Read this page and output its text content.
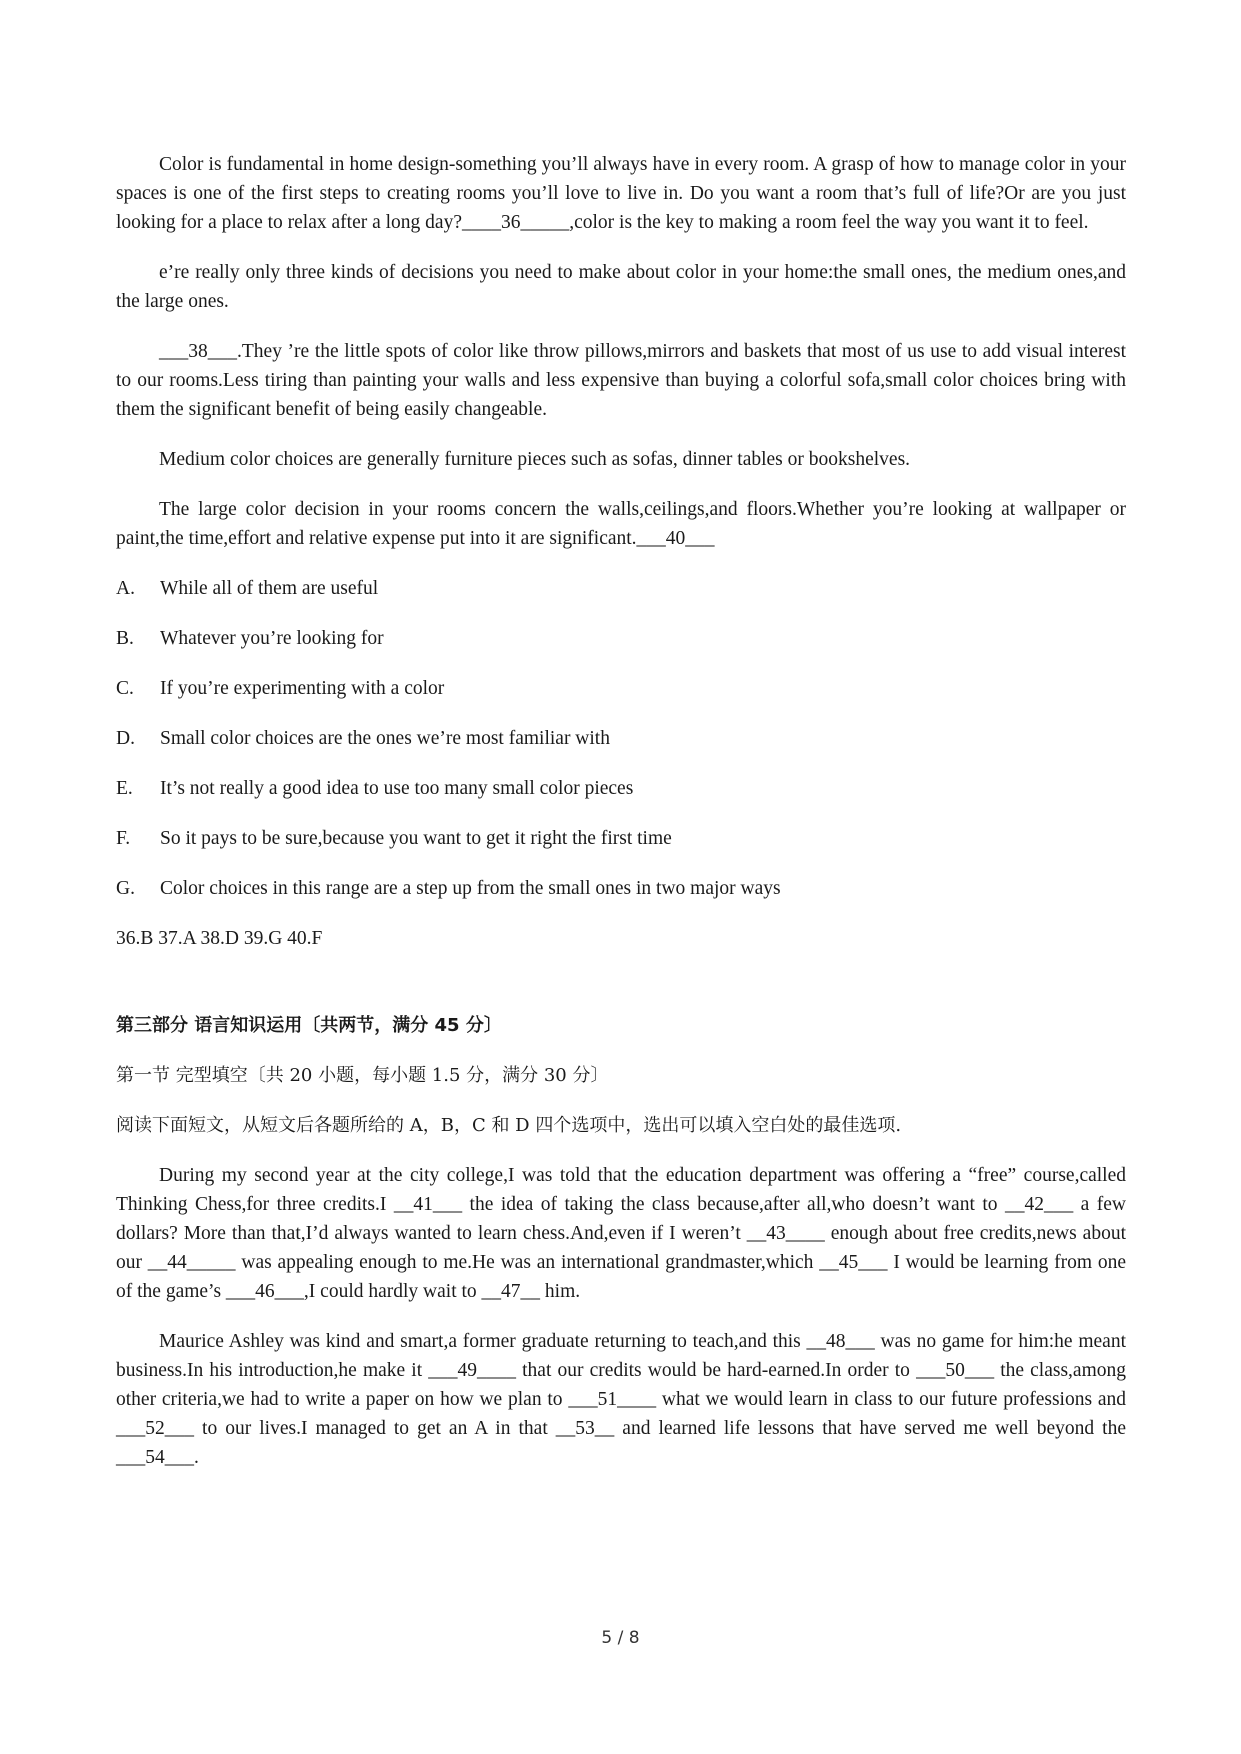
Color is fundamental in home design-something you’ll always have in every room. A grasp of how to manage color in your spaces is one of the first steps to creating rooms you’ll love to live in. Do you want a room that’s full of life?Or are you just looking for a place to relax after a long day?____36_____,color is the key to making a room feel the way you want it to feel.

e’re really only three kinds of decisions you need to make about color in your home:the small ones, the medium ones,and the large ones.

___38___.They ’re the little spots of color like throw pillows,mirrors and baskets that most of us use to add visual interest to our rooms.Less tiring than painting your walls and less expensive than buying a colorful sofa,small color choices bring with them the significant benefit of being easily changeable.

Medium color choices are generally furniture pieces such as sofas, dinner tables or bookshelves.

The large color decision in your rooms concern the walls,ceilings,and floors.Whether you’re looking at wallpaper or paint,the time,effort and relative expense put into it are significant.___40___

A.	While all of them are useful
B.	Whatever you’re looking for
C.	If you’re experimenting with a color
D.	Small color choices are the ones we’re most familiar with
E.	It’s not really a good idea to use too many small color pieces
F.	So it pays to be sure,because you want to get it right the first time
G.	Color choices in this range are a step up from the small ones in two major ways

36.B 37.A 38.D 39.G 40.F

第三部分 语言知识运用〔共两节，满分 45 分〕

第一节 完型填空〔共 20 小题，每小题 1.5 分，满分 30 分〕

阅读下面短文，从短文后各题所给的 A，B，C 和 D 四个选项中，选出可以填入空白处的最佳选项.

During my second year at the city college,I was told that the education department was offering a “free” course,called Thinking Chess,for three credits.I __41___ the idea of taking the class because,after all,who doesn’t want to __42___ a few dollars? More than that,I’d always wanted to learn chess.And,even if I weren’t __43____ enough about free credits,news about our __44_____ was appealing enough to me.He was an international grandmaster,which __45___ I would be learning from one of the game’s ___46___,I could hardly wait to __47__ him.

Maurice Ashley was kind and smart,a former graduate returning to teach,and this __48___ was no game for him:he meant business.In his introduction,he make it ___49____ that our credits would be hard-earned.In order to ___50___ the class,among other criteria,we had to write a paper on how we plan to ___51____ what we would learn in class to our future professions and ___52___ to our lives.I managed to get an A in that __53__ and learned life lessons that have served me well beyond the ___54___.

5 / 8
